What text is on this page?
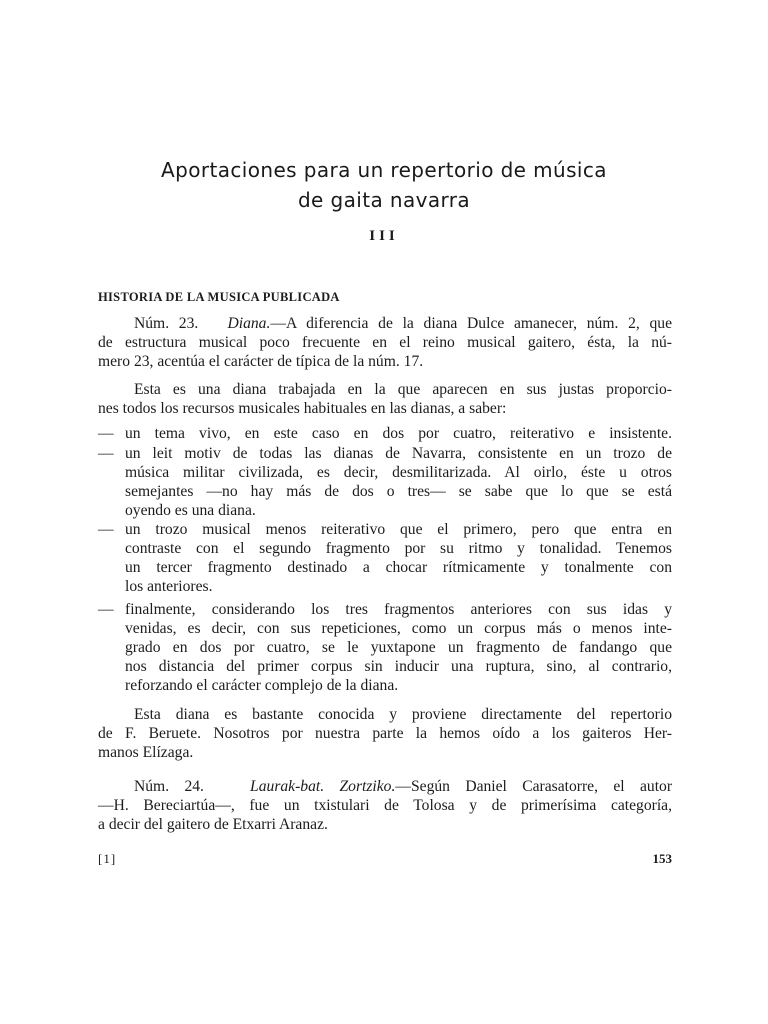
Aportaciones para un repertorio de música
de gaita navarra
III
HISTORIA DE LA MUSICA PUBLICADA
Núm. 23. Diana.—A diferencia de la diana Dulce amanecer, núm. 2, que
de estructura musical poco frecuente en el reino musical gaitero, ésta, la nú-
mero 23, acentúa el carácter de típica de la núm. 17.
Esta es una diana trabajada en la que aparecen en sus justas proporcio-
nes todos los recursos musicales habituales en las dianas, a saber:
— un tema vivo, en este caso en dos por cuatro, reiterativo e insistente.
— un leit motiv de todas las dianas de Navarra, consistente en un trozo de
música militar civilizada, es decir, desmilitarizada. Al oirlo, éste u otros
semejantes —no hay más de dos o tres— se sabe que lo que se está
oyendo es una diana.
— un trozo musical menos reiterativo que el primero, pero que entra en
contraste con el segundo fragmento por su ritmo y tonalidad. Tenemos
un tercer fragmento destinado a chocar rítmicamente y tonalmente con
los anteriores.
— finalmente, considerando los tres fragmentos anteriores con sus idas y
venidas, es decir, con sus repeticiones, como un corpus más o menos inte-
grado en dos por cuatro, se le yuxtapone un fragmento de fandango que
nos distancia del primer corpus sin inducir una ruptura, sino, al contrario,
reforzando el carácter complejo de la diana.
Esta diana es bastante conocida y proviene directamente del repertorio
de F. Beruete. Nosotros por nuestra parte la hemos oído a los gaiteros Her-
manos Elízaga.
Núm. 24.	Laurak-bat. Zortziko.—Según Daniel Carasatorre, el autor
—H. Bereciartúa—, fue un txistulari de Tolosa y de primerísima categoría,
a decir del gaitero de Etxarri Aranaz.
[1]	153
